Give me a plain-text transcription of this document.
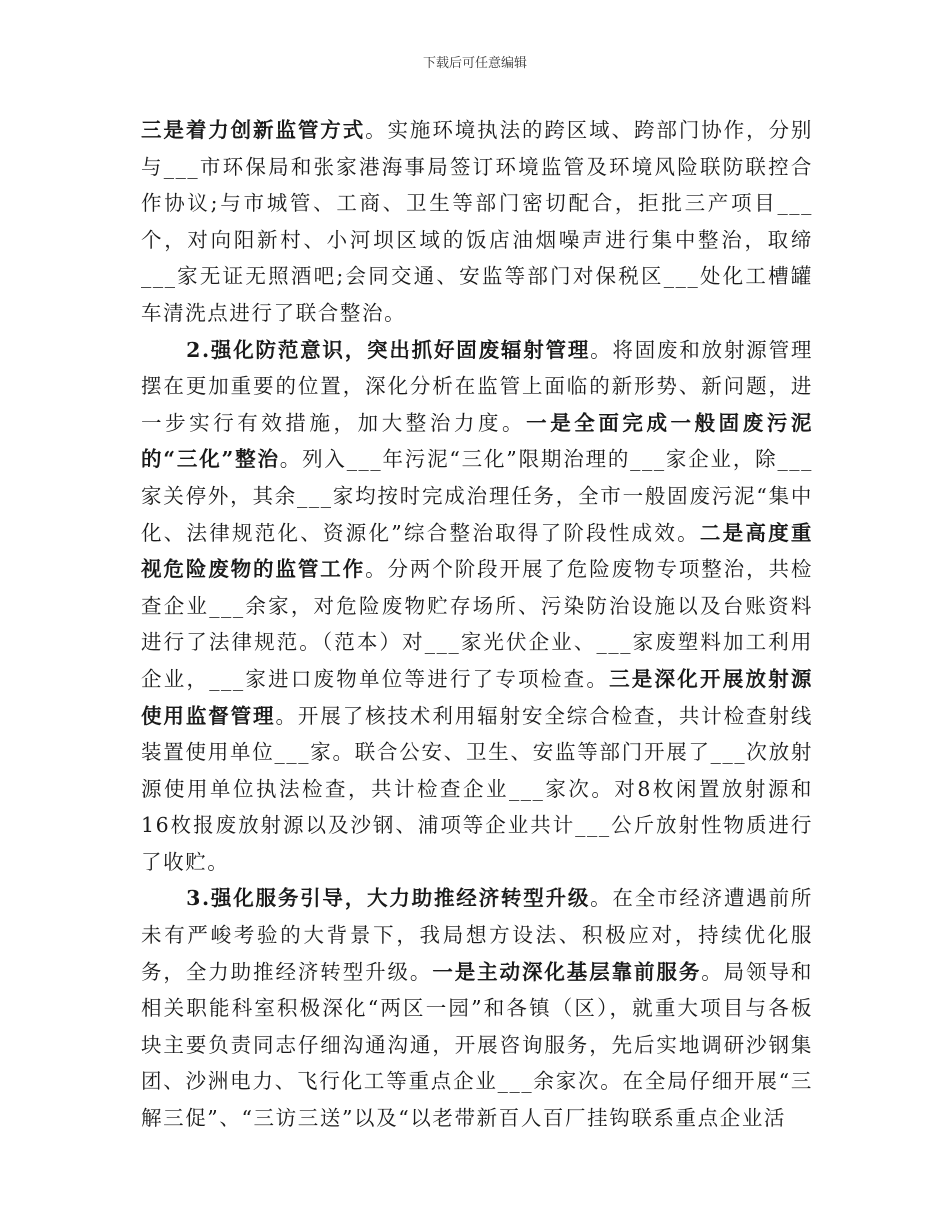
下载后可任意编辑

三是着力创新监管方式。实施环境执法的跨区域、跨部门协作，分别与___市环保局和张家港海事局签订环境监管及环境风险联防联控合作协议;与市城管、工商、卫生等部门密切配合，拒批三产项目___个，对向阳新村、小河坝区域的饭店油烟噪声进行集中整治，取缔___家无证无照酒吧;会同交通、安监等部门对保税区___处化工槽罐车清洗点进行了联合整治。

2.强化防范意识，突出抓好固废辐射管理。将固废和放射源管理摆在更加重要的位置，深化分析在监管上面临的新形势、新问题，进一步实行有效措施，加大整治力度。一是全面完成一般固废污泥的“三化”整治。列入___年污泥“三化”限期治理的___家企业，除___家关停外，其余___家均按时完成治理任务，全市一般固废污泥“集中化、法律规范化、资源化”综合整治取得了阶段性成效。二是高度重视危险废物的监管工作。分两个阶段开展了危险废物专项整治，共检查企业___余家，对危险废物贮存场所、污染防治设施以及台账资料进行了法律规范。（范本）对___家光伏企业、___家废塑料加工利用企业，___家进口废物单位等进行了专项检查。三是深化开展放射源使用监督管理。开展了核技术利用辐射安全综合检查，共计检查射线装置使用单位___家。联合公安、卫生、安监等部门开展了___次放射源使用单位执法检查，共计检查企业___家次。对8枚闲置放射源和16枚报废放射源以及沙钢、浦项等企业共计___公斤放射性物质进行了收贮。

3.强化服务引导，大力助推经济转型升级。在全市经济遭遇前所未有严峻考验的大背景下，我局想方设法、积极应对，持续优化服务，全力助推经济转型升级。一是主动深化基层靠前服务。局领导和相关职能科室积极深化“两区一园”和各镇（区），就重大项目与各板块主要负责同志仔细沟通沟通，开展咨询服务，先后实地调研沙钢集团、沙洲电力、飞行化工等重点企业___余家次。在全局仔细开展“三解三促”、“三访三送”以及“以老带新百人百厂挂钩联系重点企业活
